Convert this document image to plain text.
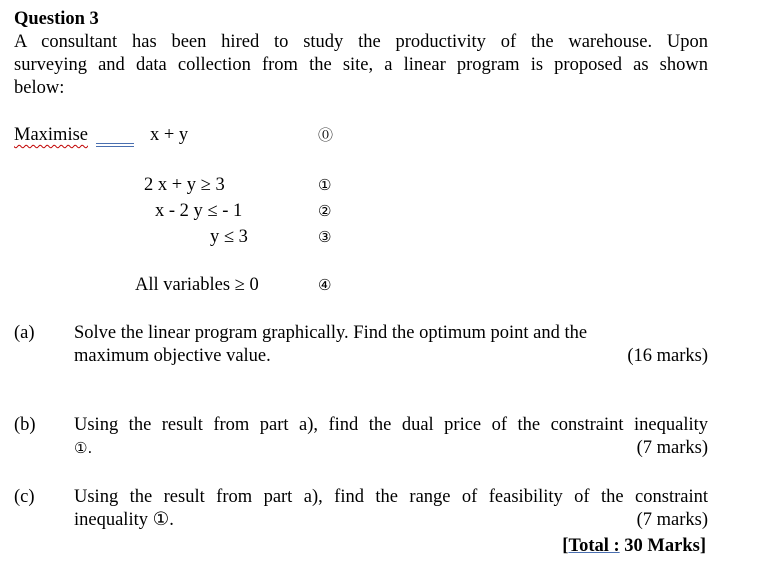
Question 3
A consultant has been hired to study the productivity of the warehouse. Upon
surveying and data collection from the site, a linear program is proposed as shown
below:
Maximise	x + y	⓪
2 x + y ≥ 3	①
x - 2 y ≤ - 1	②
y ≤ 3	③
All variables ≥ 0	④
(a) Solve the linear program graphically. Find the optimum point and the
maximum objective value.	(16 marks)
(b) Using the result from part a), find the dual price of the constraint inequality
①.	(7 marks)
(c) Using the result from part a), find the range of feasibility of the constraint
inequality ①.	(7 marks)
[Total : 30 Marks]
